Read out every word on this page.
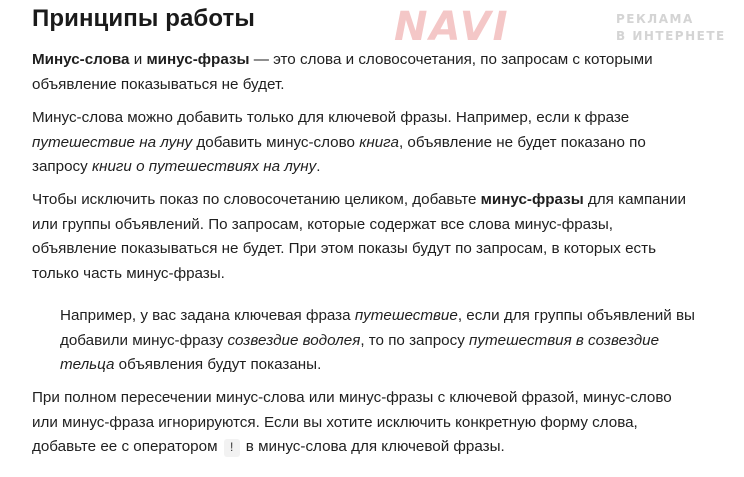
Принципы работы	NAVI	РЕКЛАМА
В ИНТЕРНЕТЕ

Минус-слова и минус-фразы — это слова и словосочетания, по запросам с которыми
объявление показываться не будет.

Минус-слова можно добавить только для ключевой фразы. Например, если к фразе
путешествие на луну добавить минус-слово книга, объявление не будет показано по
запросу книги о путешествиях на луну.

Чтобы исключить показ по словосочетанию целиком, добавьте минус-фразы для кампании
или группы объявлений. По запросам, которые содержат все слова минус-фразы,
объявление показываться не будет. При этом показы будут по запросам, в которых есть
только часть минус-фразы.

Например, у вас задана ключевая фраза путешествие, если для группы объявлений вы
добавили минус-фразу созвездие водолея, то по запросу путешествия в созвездие
тельца объявления будут показаны.

При полном пересечении минус-слова или минус-фразы с ключевой фразой, минус-слово
или минус-фраза игнорируются. Если вы хотите исключить конкретную форму слова,
добавьте ее с оператором ! в минус-слова для ключевой фразы.
